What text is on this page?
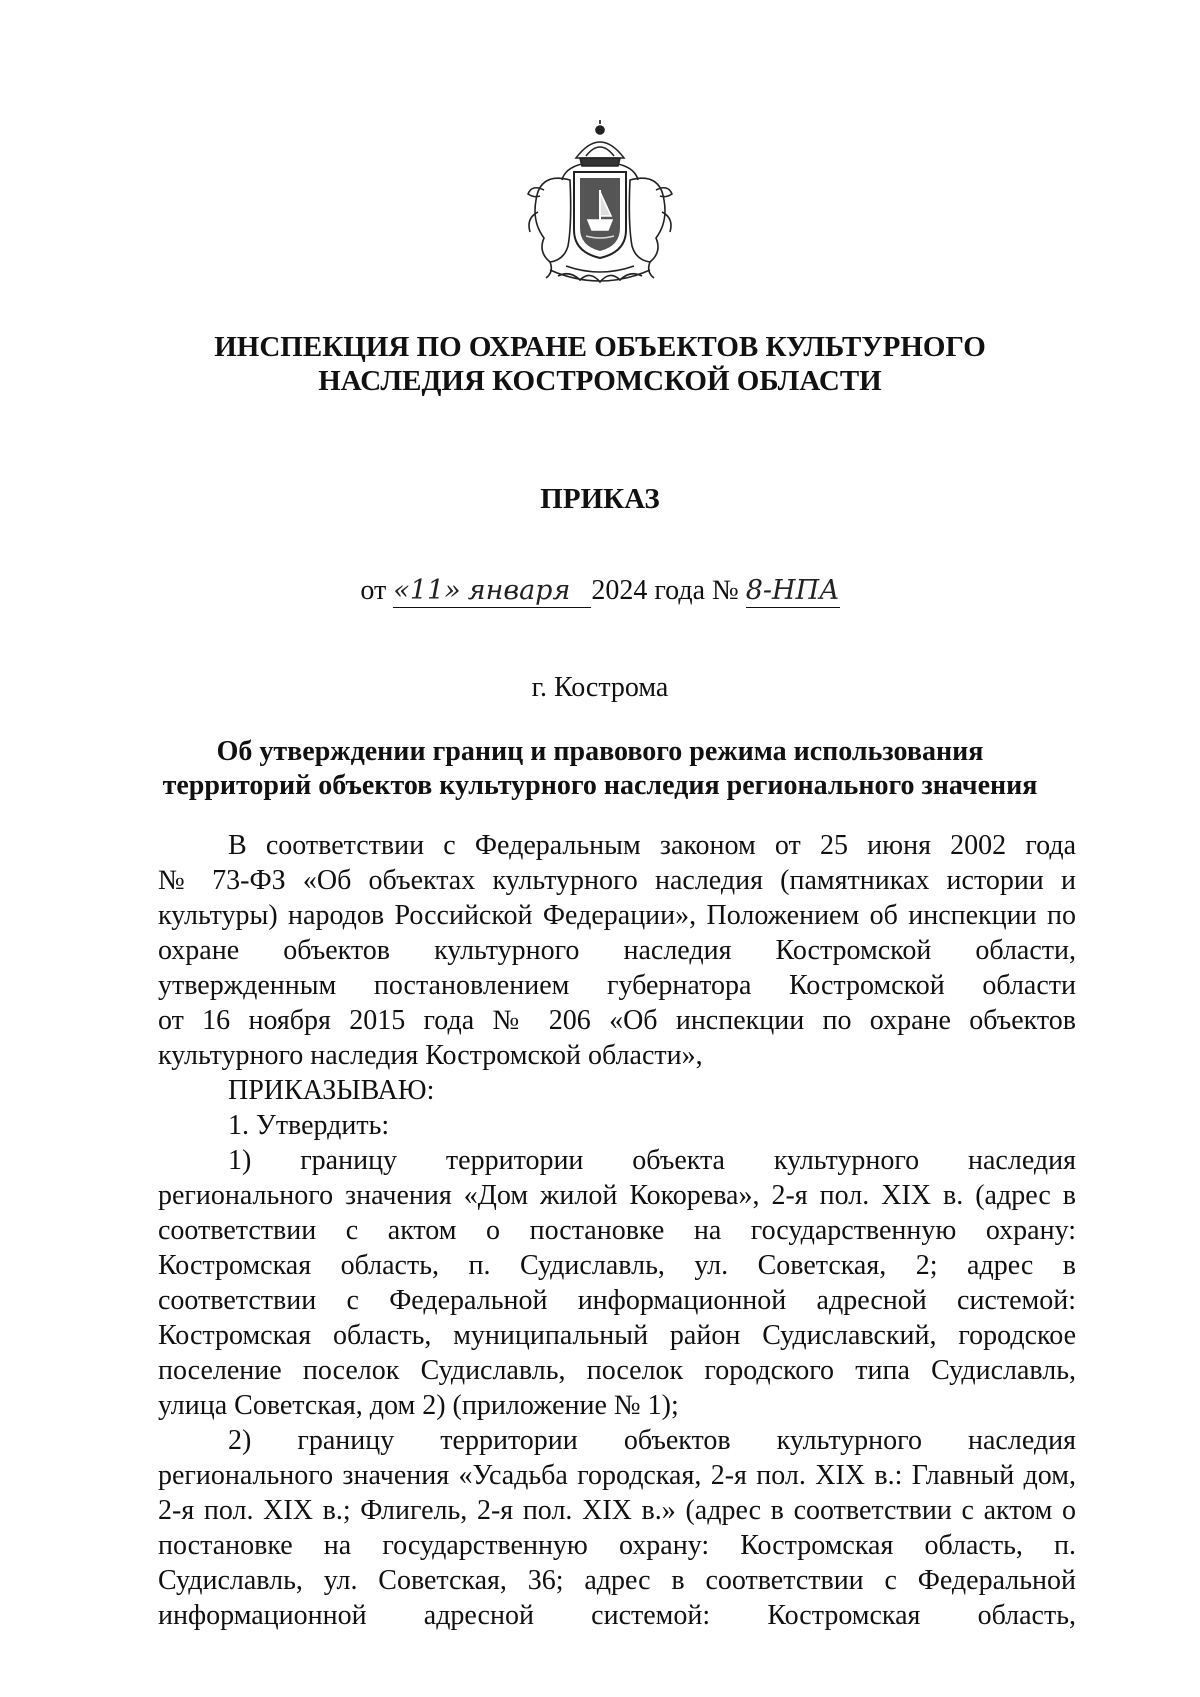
ИНСПЕКЦИЯ ПО ОХРАНЕ ОБЪЕКТОВ КУЛЬТУРНОГО
НАСЛЕДИЯ КОСТРОМСКОЙ ОБЛАСТИ
ПРИКАЗ
от «11» января 2024 года № 8-НПА
г. Кострома
Об утверждении границ и правового режима использования
территорий объектов культурного наследия регионального значения
В соответствии с Федеральным законом от 25 июня 2002 года
№ 73-ФЗ «Об объектах культурного наследия (памятниках истории и
культуры) народов Российской Федерации», Положением об инспекции по
охране объектов культурного наследия Костромской области,
утвержденным постановлением губернатора Костромской области
от 16 ноября 2015 года № 206 «Об инспекции по охране объектов
культурного наследия Костромской области»,
ПРИКАЗЫВАЮ:
1. Утвердить:
1) границу территории объекта культурного наследия
регионального значения «Дом жилой Кокорева», 2-я пол. XIX в. (адрес в
соответствии с актом о постановке на государственную охрану:
Костромская область, п. Судиславль, ул. Советская, 2; адрес в
соответствии с Федеральной информационной адресной системой:
Костромская область, муниципальный район Судиславский, городское
поселение поселок Судиславль, поселок городского типа Судиславль,
улица Советская, дом 2) (приложение № 1);
2) границу территории объектов культурного наследия
регионального значения «Усадьба городская, 2-я пол. XIX в.: Главный дом,
2-я пол. XIX в.; Флигель, 2-я пол. XIX в.» (адрес в соответствии с актом о
постановке на государственную охрану: Костромская область, п.
Судиславль, ул. Советская, 36; адрес в соответствии с Федеральной
информационной адресной системой: Костромская область,
